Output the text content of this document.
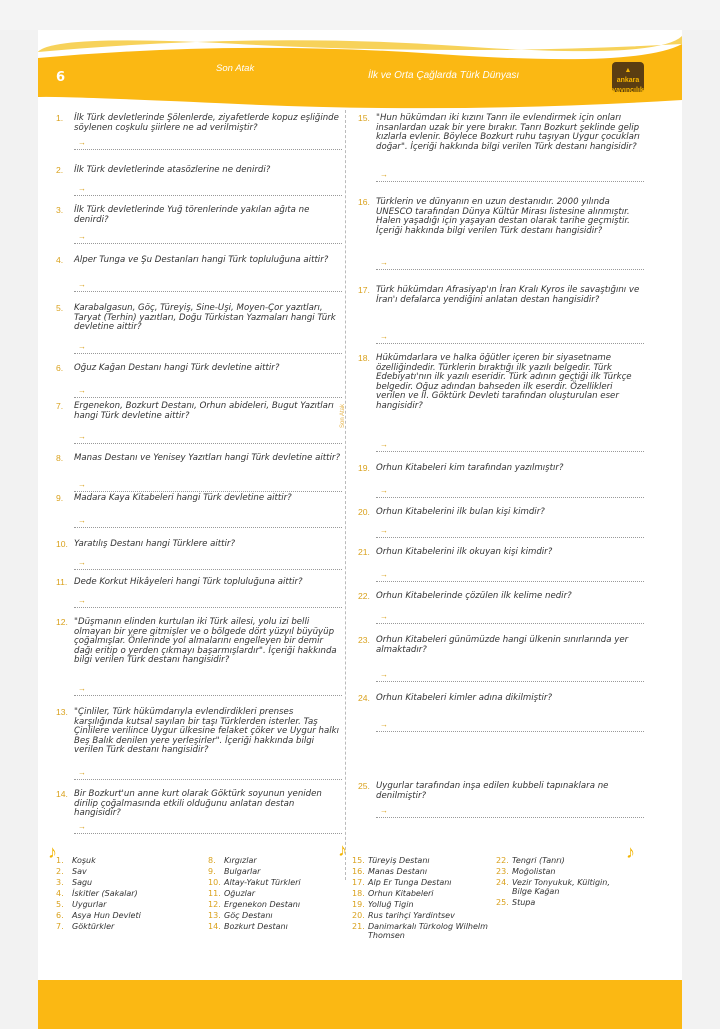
6
Son Atak
İlk ve Orta Çağlarda Türk Dünyası	▲
ankara yayıncılık
Son Atak
1.	İlk Türk devletlerinde Şölenlerde, ziyafetlerde kopuz eşliğinde söylenen coşkulu şiirlere ne ad verilmiştir?
→
2.	İlk Türk devletlerinde atasözlerine ne denirdi?
→
3.	İlk Türk devletlerinde Yuğ törenlerinde yakılan ağıta ne denirdi?
→
4.	Alper Tunga ve Şu Destanları hangi Türk topluluğuna aittir?
→
5.	Karabalgasun, Göç, Türeyiş, Sine-Uşi, Moyen-Çor yazıtları, Taryat (Terhin) yazıtları, Doğu Türkistan Yazmaları hangi Türk devletine aittir?
→
6.	Oğuz Kağan Destanı hangi Türk devletine aittir?
→
7.	Ergenekon, Bozkurt Destanı, Orhun abideleri, Bugut Yazıtları hangi Türk devletine aittir?
→
8.	Manas Destanı ve Yenisey Yazıtları hangi Türk devletine aittir?
→
9.	Madara Kaya Kitabeleri hangi Türk devletine aittir?
→
10. Yaratılış Destanı hangi Türklere aittir?
→
11. Dede Korkut Hikâyeleri hangi Türk topluluğuna aittir?
→
12. "Düşmanın elinden kurtulan iki Türk ailesi, yolu izi belli olmayan bir yere gitmişler ve o bölgede dört yüzyıl büyüyüp çoğalmışlar. Önlerinde yol almalarını engelleyen bir demir dağı eritip o yerden çıkmayı başarmışlardır". İçeriği hakkında bilgi verilen Türk destanı hangisidir?
→
13. "Çinliler, Türk hükümdarıyla evlendirdikleri prenses karşılığında kutsal sayılan bir taşı Türklerden isterler. Taş Çinlilere verilince Uygur ülkesine felaket çöker ve Uygur halkı Beş Balık denilen yere yerleşirler". İçeriği hakkında bilgi verilen Türk destanı hangisidir?
→
14. Bir Bozkurt'un anne kurt olarak Göktürk soyunun yeniden dirilip çoğalmasında etkili olduğunu anlatan destan hangisidir?
→
15. "Hun hükümdarı iki kızını Tanrı ile evlendirmek için onları insanlardan uzak bir yere bırakır. Tanrı Bozkurt şeklinde gelip kızlarla evlenir. Böylece Bozkurt ruhu taşıyan Uygur çocukları doğar". İçeriği hakkında bilgi verilen Türk destanı hangisidir?
→
16. Türklerin ve dünyanın en uzun destanıdır. 2000 yılında UNESCO tarafından Dünya Kültür Mirası listesine alınmıştır. Halen yaşadığı için yaşayan destan olarak tarihe geçmiştir. İçeriği hakkında bilgi verilen Türk destanı hangisidir?
→
17. Türk hükümdarı Afrasiyap'ın İran Kralı Kyros ile savaştığını ve İran'ı defalarca yendiğini anlatan destan hangisidir?
→
18. Hükümdarlara ve halka öğütler içeren bir siyasetname özelliğindedir. Türklerin bıraktığı ilk yazılı belgedir. Türk Edebiyatı'nın ilk yazılı eseridir. Türk adının geçtiği ilk Türkçe belgedir. Oğuz adından bahseden ilk eserdir. Özellikleri verilen ve II. Göktürk Devleti tarafından oluşturulan eser hangisidir?
→
19. Orhun Kitabeleri kim tarafından yazılmıştır?
→
20. Orhun Kitabelerini ilk bulan kişi kimdir?
→
21. Orhun Kitabelerini ilk okuyan kişi kimdir?
→
22. Orhun Kitabelerinde çözülen ilk kelime nedir?
→
23. Orhun Kitabeleri günümüzde hangi ülkenin sınırlarında yer almaktadır?
→
24. Orhun Kitabeleri kimler adına dikilmiştir?
→
25. Uygurlar tarafından inşa edilen kubbeli tapınaklara ne denilmiştir?
→
♪	♪	♪
1.	Koşuk
2.	Sav
3.	Sagu
4.	İskitler (Sakalar)
5.	Uygurlar
6.	Asya Hun Devleti
7.	Göktürkler
8.	Kırgızlar
9.	Bulgarlar
10. Altay-Yakut Türkleri
11. Oğuzlar
12. Ergenekon Destanı
13. Göç Destanı
14. Bozkurt Destanı
15. Türeyiş Destanı
16. Manas Destanı
17. Alp Er Tunga Destanı
18. Orhun Kitabeleri
19. Yolluğ Tigin
20. Rus tarihçi Yardintsev
21. Danimarkalı Türkolog Wilhelm Thomsen
22. Tengri (Tanrı)
23. Moğolistan
24. Vezir Tonyukuk, Kültigin, Bilge Kağan
25. Stupa
